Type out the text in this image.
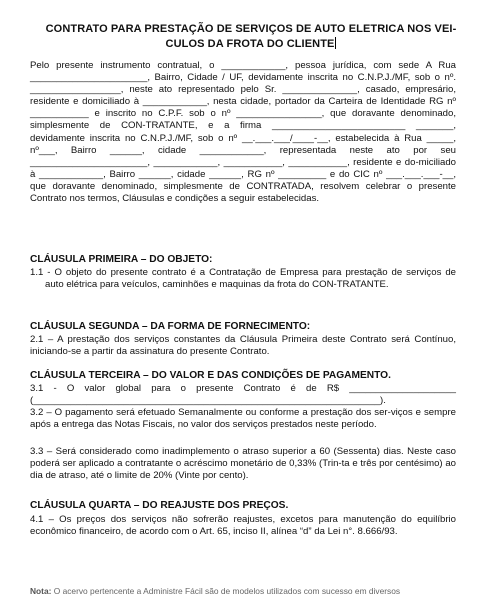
CONTRATO PARA PRESTAÇÃO DE SERVIÇOS DE AUTO ELETRICA NOS VEI-
CULOS DA FROTA DO CLIENTE

Pelo presente instrumento contratual, o ____________, pessoa jurídica, com sede A Rua ______________________, Bairro, Cidade / UF, devidamente inscrita no C.N.P.J./MF, sob o nº. _________________, neste ato representado pelo Sr. ______________, casado, empresário, residente e domiciliado à ____________, nesta cidade, portador da Carteira de Identidade RG nº ___________ e inscrito no C.P.F. sob o nº ________________, que doravante denominado, simplesmente de CON-TRATANTE, e a firma _________________________ _______, devidamente inscrita no C.N.P.J./MF, sob o nº __.___.___/____-__, estabelecida à Rua _____, nº___, Bairro ______, cidade ____________, representada neste ato por seu ______________________, ____________, ___________, ___________, residente e do-miciliado à ____________, Bairro ______, cidade ______, RG nº _________ e do CIC nº ___.___.___-__, que doravante denominado, simplesmente de CONTRATADA, resolvem celebrar o presente Contrato nos termos, Cláusulas e condições a seguir estabelecidas.

CLÁUSULA PRIMEIRA – DO OBJETO:

1.1 - O objeto do presente contrato é a Contratação de Empresa para prestação de serviços de auto elétrica para veículos, caminhões e maquinas da frota do CON-TRATANTE.

CLÁUSULA SEGUNDA – DA FORMA DE FORNECIMENTO:

2.1 – A prestação dos serviços constantes da Cláusula Primeira deste Contrato será Contínuo, iniciando-se a partir da assinatura do presente Contrato.

CLÁUSULA TERCEIRA – DO VALOR E DAS CONDIÇÕES DE PAGAMENTO.

3.1 - O valor global para o presente Contrato é de R$ ____________________ (_________________________________________________________________).

3.2 – O pagamento será efetuado Semanalmente ou conforme a prestação dos ser-viços e sempre após a entrega das Notas Fiscais, no valor dos serviços prestados neste período.

3.3 – Será considerado como inadimplemento o atraso superior a 60 (Sessenta) dias. Neste caso poderá ser aplicado a contratante o acréscimo monetário de 0,33% (Trin-ta e três por centésimo) ao dia de atraso, até o limite de 20% (Vinte por cento).

CLÁUSULA QUARTA – DO REAJUSTE DOS PREÇOS.

4.1 – Os preços dos serviços não sofrerão reajustes, excetos para manutenção do equilíbrio econômico financeiro, de acordo com o Art. 65, inciso II, alínea “d” da Lei n°. 8.666/93.

Nota: O acervo pertencente a Administre Fácil são de modelos utilizados com sucesso em diversos
